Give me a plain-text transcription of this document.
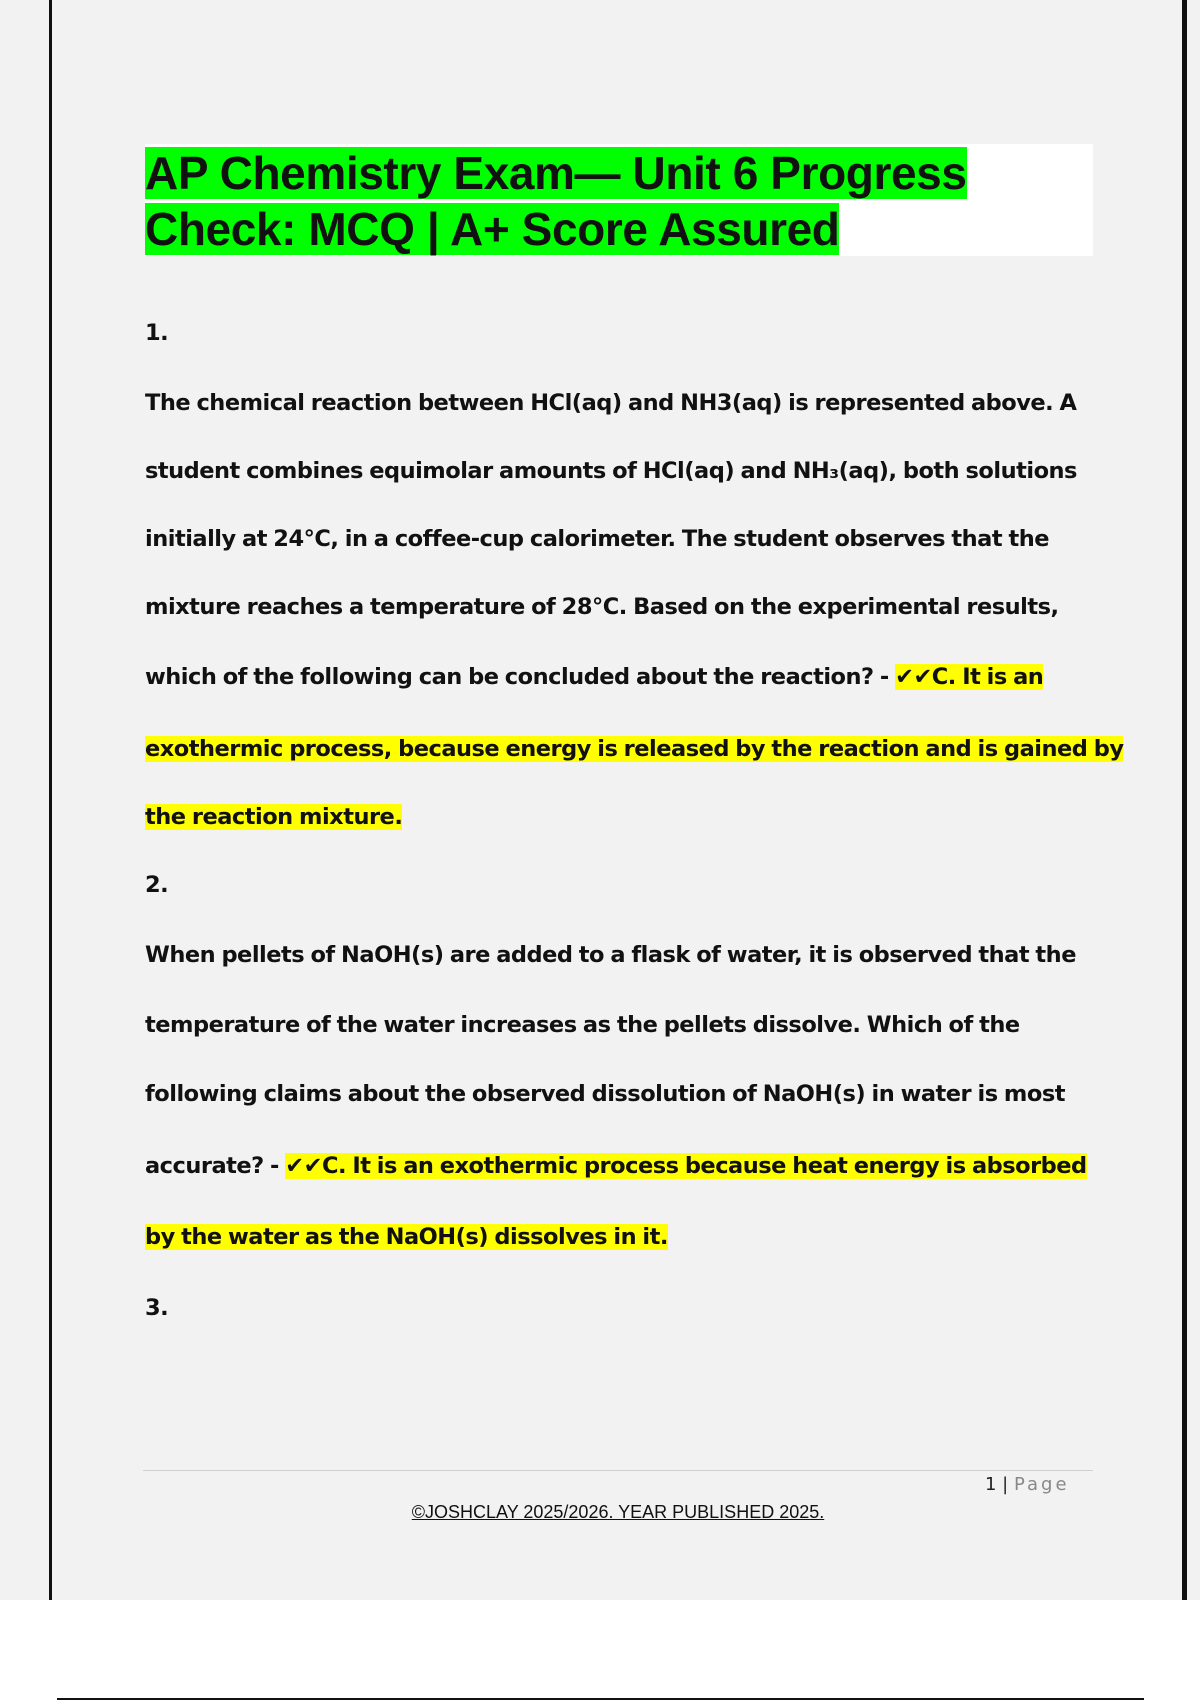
AP Chemistry Exam— Unit 6 Progress
Check: MCQ | A+ Score Assured
1.
The chemical reaction between HCl(aq) and NH3(aq) is represented above. A
student combines equimolar amounts of HCl(aq) and NH₃(aq), both solutions
initially at 24°C, in a coffee-cup calorimeter. The student observes that the
mixture reaches a temperature of 28°C. Based on the experimental results,
which of the following can be concluded about the reaction? - ✔✔C. It is an
exothermic process, because energy is released by the reaction and is gained by
the reaction mixture.
2.
When pellets of NaOH(s) are added to a flask of water, it is observed that the
temperature of the water increases as the pellets dissolve. Which of the
following claims about the observed dissolution of NaOH(s) in water is most
accurate? - ✔✔C. It is an exothermic process because heat energy is absorbed
by the water as the NaOH(s) dissolves in it.
3.
1 | Page
©JOSHCLAY 2025/2026. YEAR PUBLISHED 2025.
